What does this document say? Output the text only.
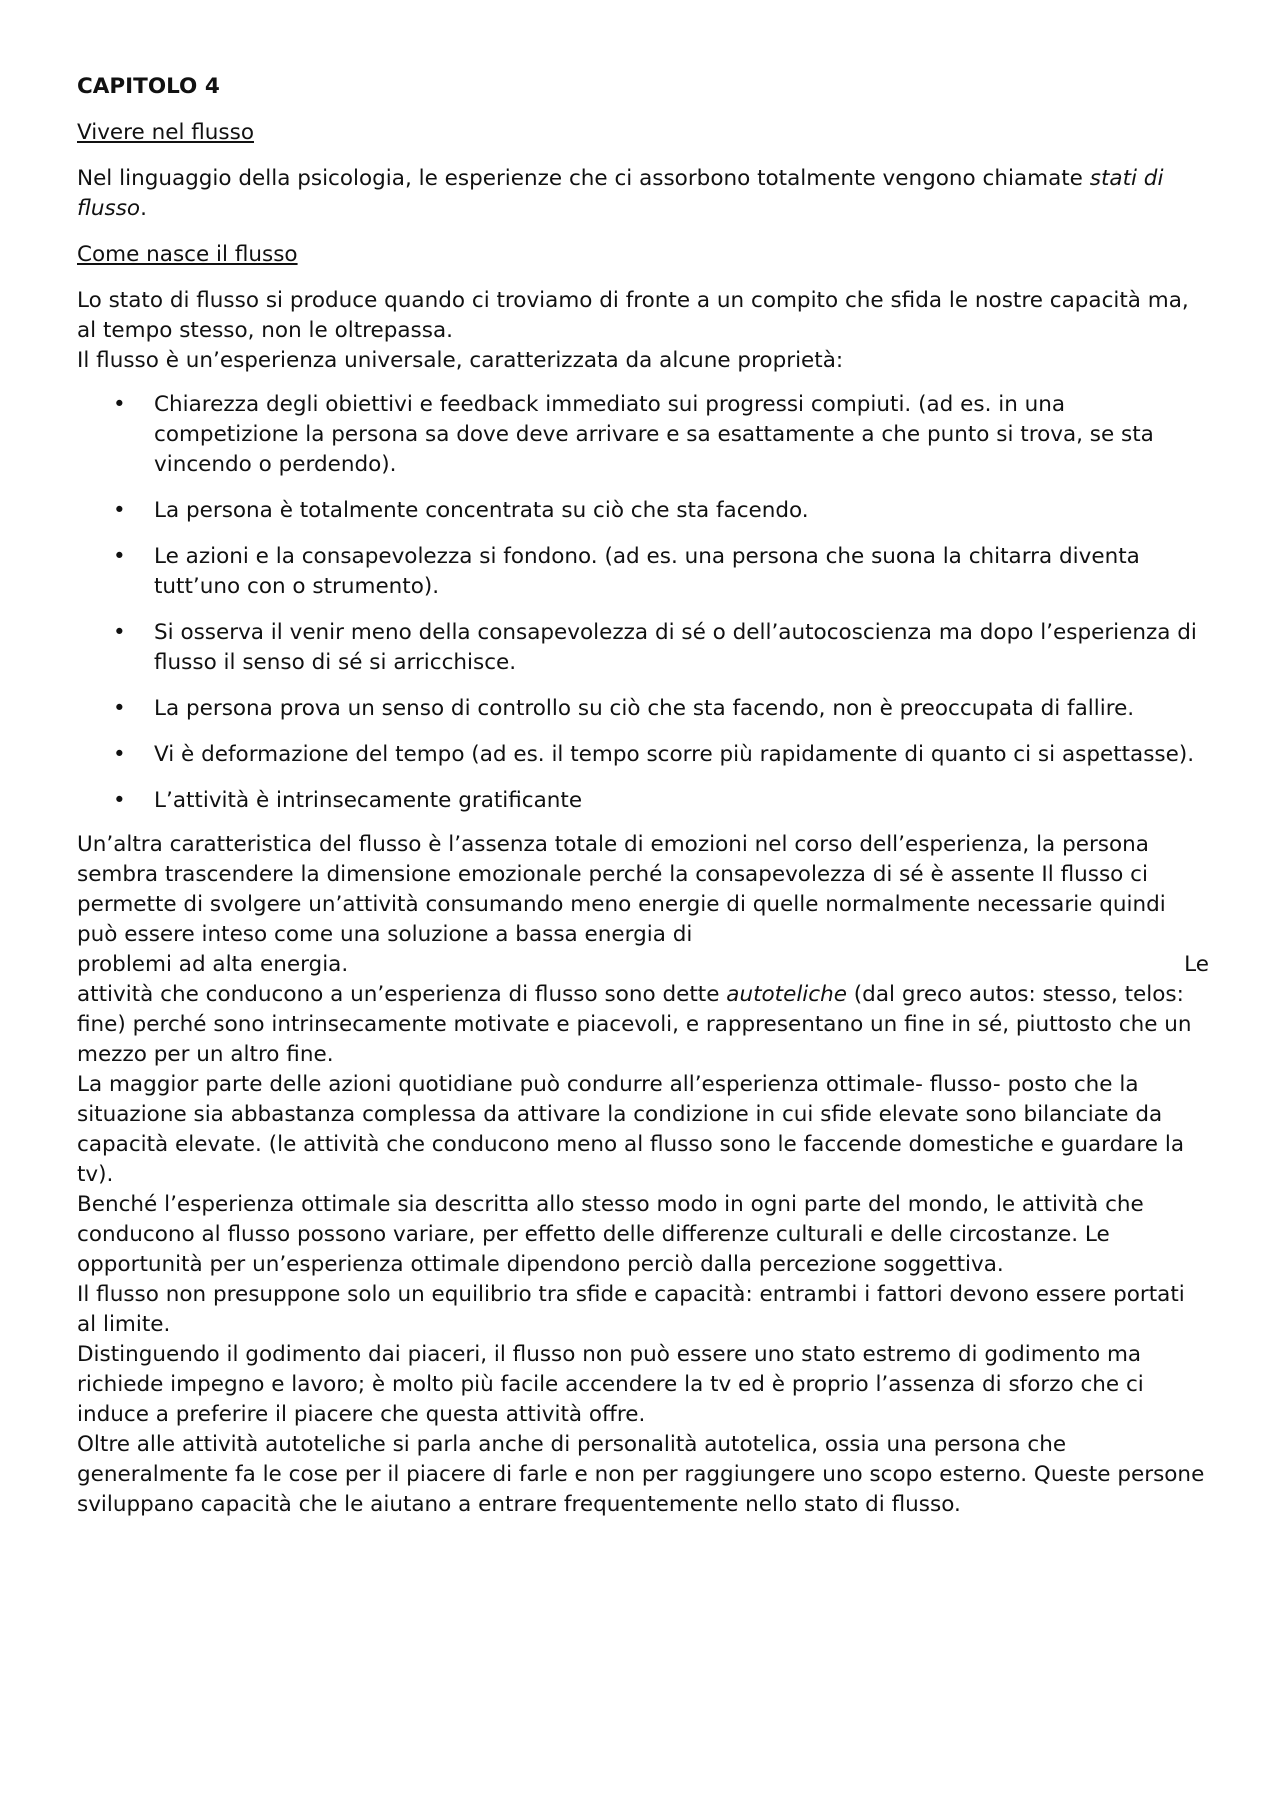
CAPITOLO 4
Vivere nel flusso

Nel linguaggio della psicologia, le esperienze che ci assorbono totalmente vengono chiamate stati di flusso.

Come nasce il flusso

Lo stato di flusso si produce quando ci troviamo di fronte a un compito che sfida le nostre capacità ma, al tempo stesso, non le oltrepassa.

Il flusso è un’esperienza universale, caratterizzata da alcune proprietà:

• Chiarezza degli obiettivi e feedback immediato sui progressi compiuti. (ad es. in una competizione la persona sa dove deve arrivare e sa esattamente a che punto si trova, se sta vincendo o perdendo).
• La persona è totalmente concentrata su ciò che sta facendo.
• Le azioni e la consapevolezza si fondono. (ad es. una persona che suona la chitarra diventa tutt’uno con o strumento).
• Si osserva il venir meno della consapevolezza di sé o dell’autocoscienza ma dopo l’esperienza di flusso il senso di sé si arricchisce.
• La persona prova un senso di controllo su ciò che sta facendo, non è preoccupata di fallire.
• Vi è deformazione del tempo (ad es. il tempo scorre più rapidamente di quanto ci si aspettasse).
• L’attività è intrinsecamente gratificante

Un’altra caratteristica del flusso è l’assenza totale di emozioni nel corso dell’esperienza, la persona sembra trascendere la dimensione emozionale perché la consapevolezza di sé è assente Il flusso ci permette di svolgere un’attività consumando meno energie di quelle normalmente necessarie quindi può essere inteso come una soluzione a bassa energia di

problemi ad alta energia.	Le

attività che conducono a un’esperienza di flusso sono dette autoteliche (dal greco autos: stesso, telos: fine) perché sono intrinsecamente motivate e piacevoli, e rappresentano un fine in sé, piuttosto che un mezzo per un altro fine.

La maggior parte delle azioni quotidiane può condurre all’esperienza ottimale- flusso- posto che la situazione sia abbastanza complessa da attivare la condizione in cui sfide elevate sono bilanciate da capacità elevate. (le attività che conducono meno al flusso sono le faccende domestiche e guardare la tv).

Benché l’esperienza ottimale sia descritta allo stesso modo in ogni parte del mondo, le attività che conducono al flusso possono variare, per effetto delle differenze culturali e delle circostanze. Le opportunità per un’esperienza ottimale dipendono perciò dalla percezione soggettiva.

Il flusso non presuppone solo un equilibrio tra sfide e capacità: entrambi i fattori devono essere portati al limite.

Distinguendo il godimento dai piaceri, il flusso non può essere uno stato estremo di godimento ma richiede impegno e lavoro; è molto più facile accendere la tv ed è proprio l’assenza di sforzo che ci induce a preferire il piacere che questa attività offre.

Oltre alle attività autoteliche si parla anche di personalità autotelica, ossia una persona che generalmente fa le cose per il piacere di farle e non per raggiungere uno scopo esterno. Queste persone sviluppano capacità che le aiutano a entrare frequentemente nello stato di flusso.
